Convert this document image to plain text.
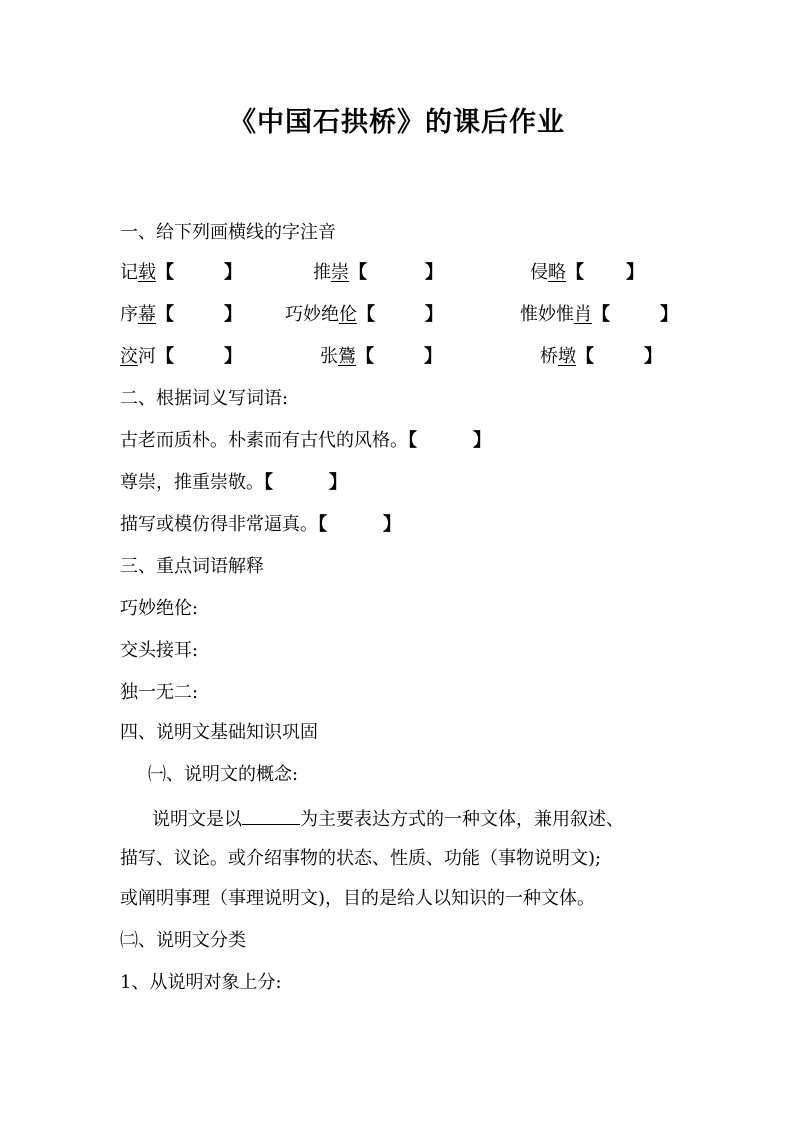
《中国石拱桥》的课后作业
一、给下列画横线的字注音
记载【	】	推崇【	】	侵略【 】
序幕【	】 巧妙绝伦【	】	惟妙惟肖【	】
洨河【	】	张鷟【	】	桥墩【	】
二、根据词义写词语:
古老而质朴。朴素而有古代的风格。【	】
尊崇，推重崇敬。【	】
描写或模仿得非常逼真。【	】
三、重点词语解释
巧妙绝伦:
交头接耳:
独一无二:
四、说明文基础知识巩固
㈠、说明文的概念:
说明文是以	为主要表达方式的一种文体，兼用叙述、
描写、议论。或介绍事物的状态、性质、功能（事物说明文);
或阐明事理（事理说明文)，目的是给人以知识的一种文体。
㈡、说明文分类
1、从说明对象上分:
